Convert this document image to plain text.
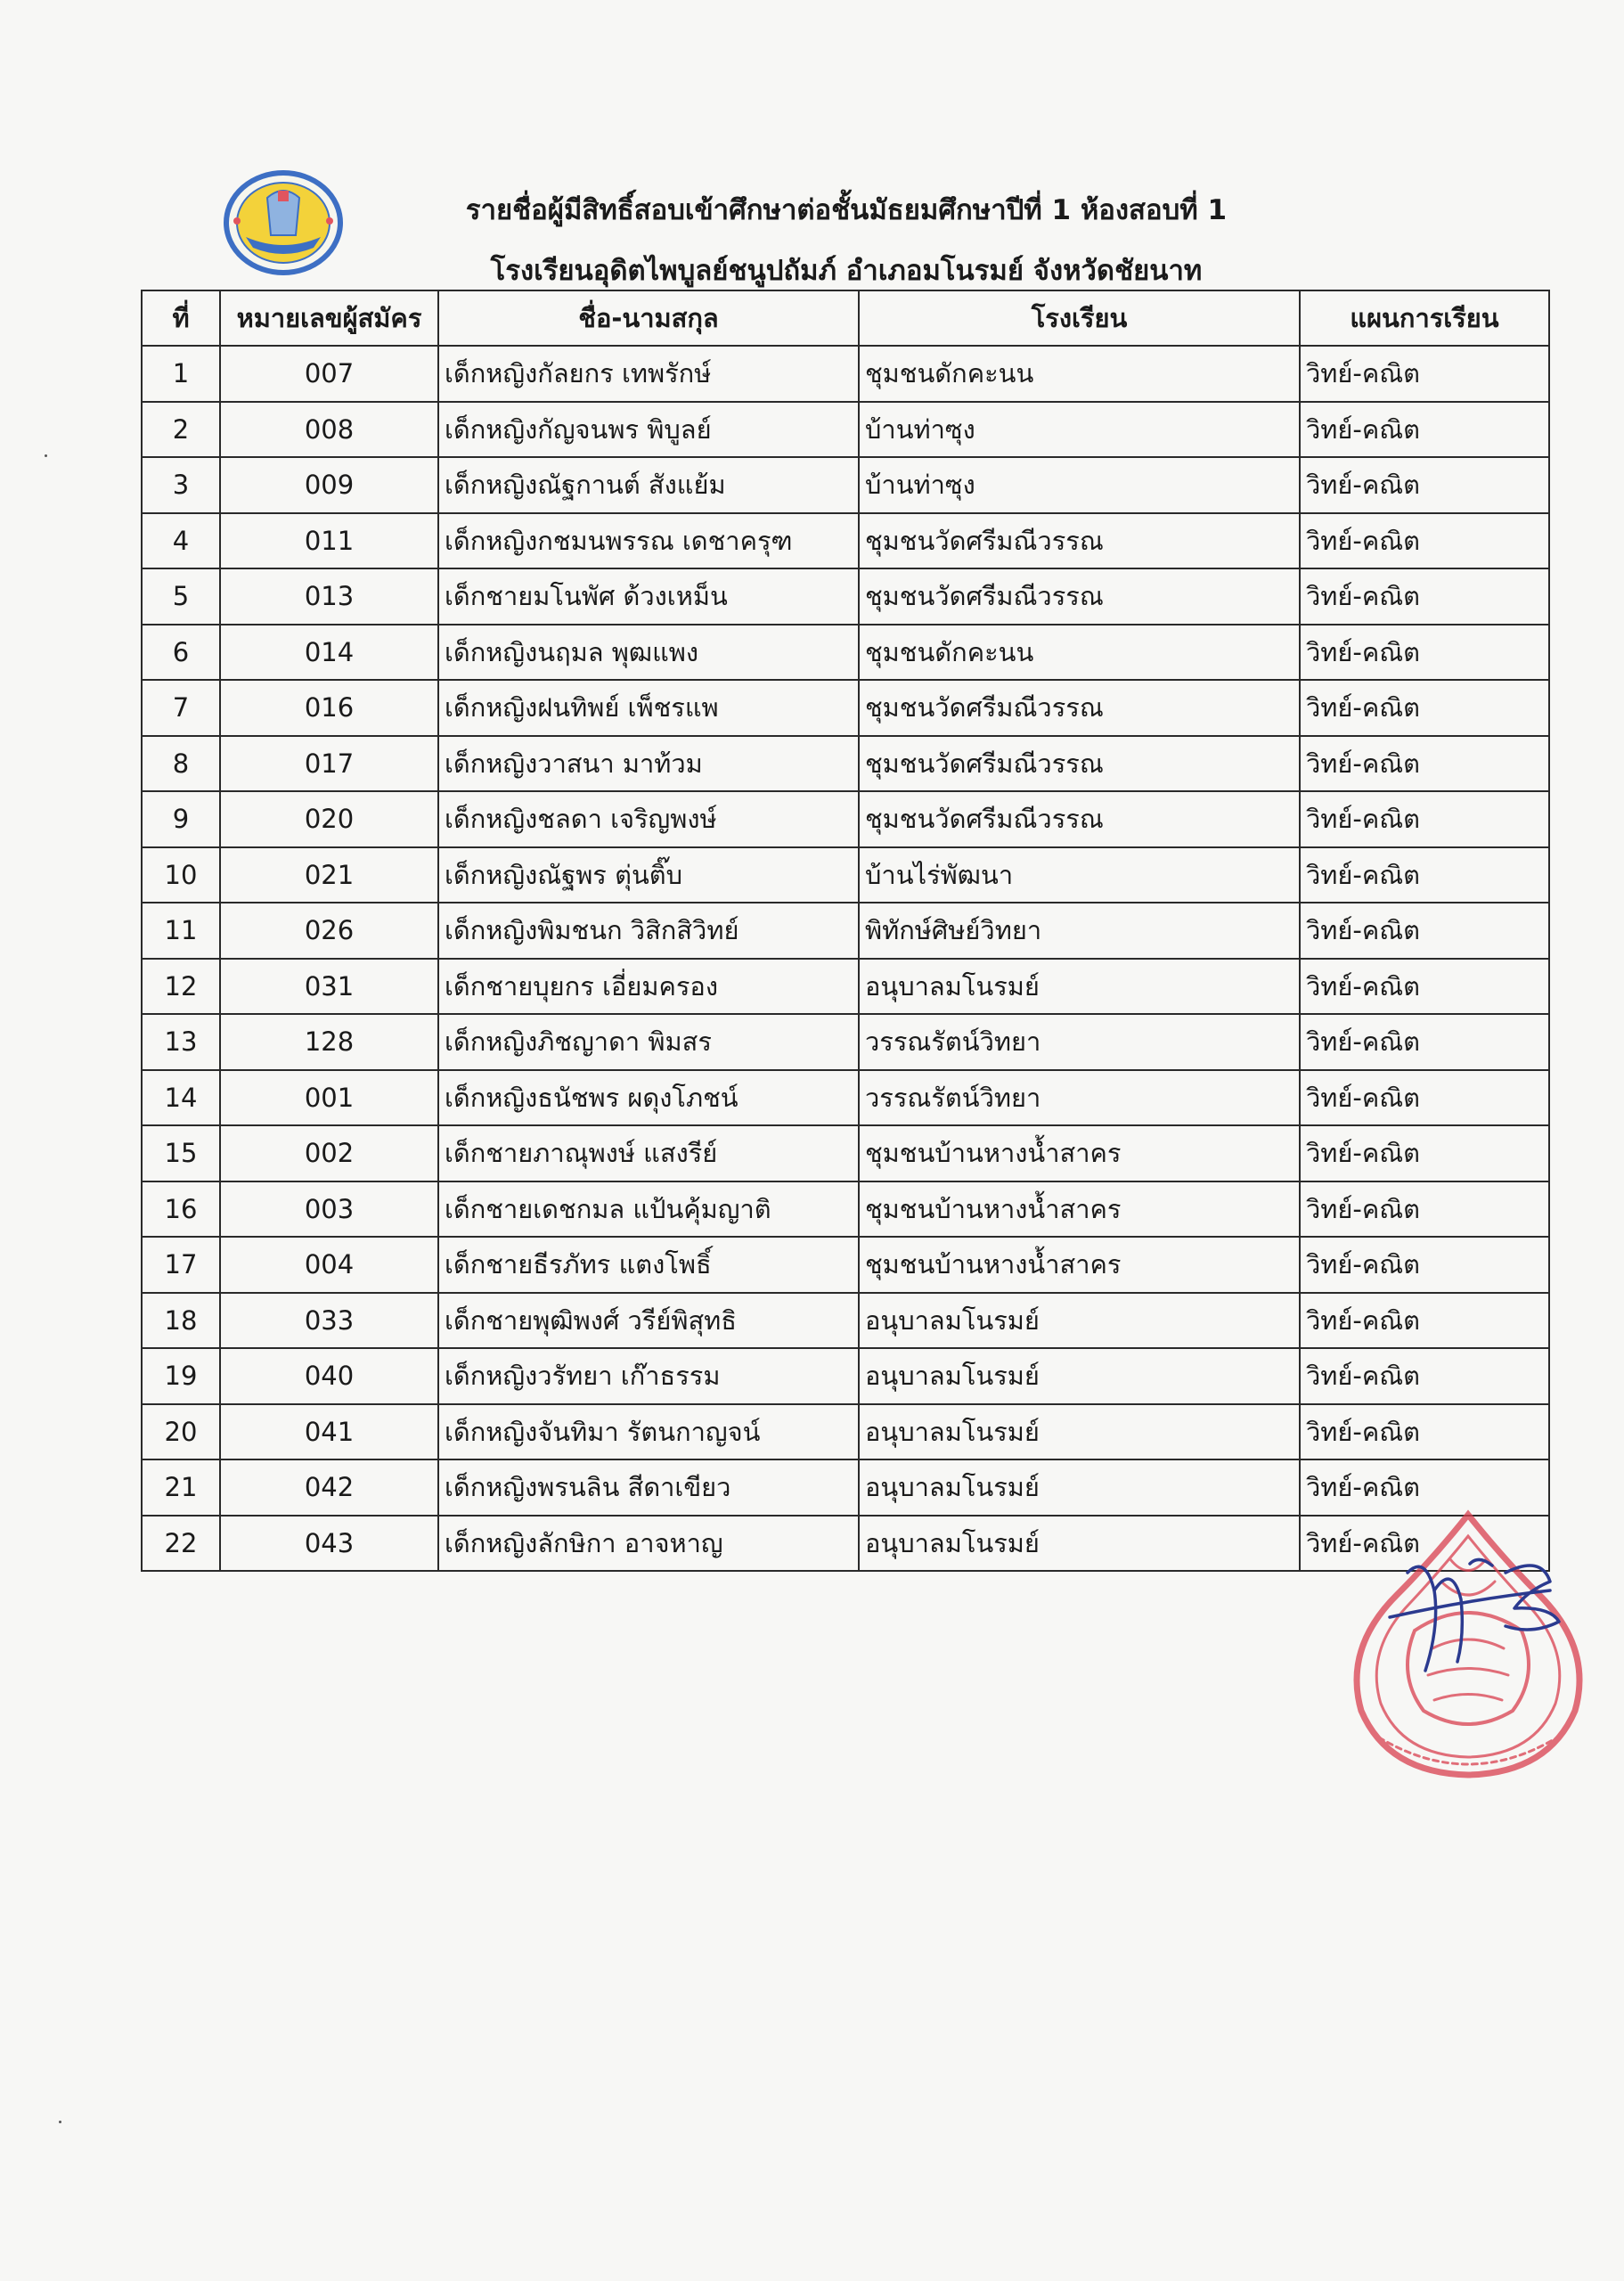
รายชื่อผู้มีสิทธิ์สอบเข้าศึกษาต่อชั้นมัธยมศึกษาปีที่ 1 ห้องสอบที่ 1
โรงเรียนอุดิตไพบูลย์ชนูปถัมภ์ อำเภอมโนรมย์ จังหวัดชัยนาท
ที่	หมายเลขผู้สมัคร	ชื่อ-นามสกุล	โรงเรียน	แผนการเรียน
1	007	เด็กหญิงกัลยกร เทพรักษ์	ชุมชนดักคะนน	วิทย์-คณิต
2	008	เด็กหญิงกัญจนพร พิบูลย์	บ้านท่าซุง	วิทย์-คณิต
3	009	เด็กหญิงณัฐกานต์ สังแย้ม	บ้านท่าซุง	วิทย์-คณิต
4	011	เด็กหญิงกชมนพรรณ เดชาครุฑ	ชุมชนวัดศรีมณีวรรณ	วิทย์-คณิต
5	013	เด็กชายมโนพัศ ด้วงเหม็น	ชุมชนวัดศรีมณีวรรณ	วิทย์-คณิต
6	014	เด็กหญิงนฤมล พุฒแพง	ชุมชนดักคะนน	วิทย์-คณิต
7	016	เด็กหญิงฝนทิพย์ เพ็ชรแพ	ชุมชนวัดศรีมณีวรรณ	วิทย์-คณิต
8	017	เด็กหญิงวาสนา มาท้วม	ชุมชนวัดศรีมณีวรรณ	วิทย์-คณิต
9	020	เด็กหญิงชลดา เจริญพงษ์	ชุมชนวัดศรีมณีวรรณ	วิทย์-คณิต
10	021	เด็กหญิงณัฐพร ตุ่นติ๊บ	บ้านไร่พัฒนา	วิทย์-คณิต
11	026	เด็กหญิงพิมชนก วิสิกสิวิทย์	พิทักษ์ศิษย์วิทยา	วิทย์-คณิต
12	031	เด็กชายบุยกร เอี่ยมครอง	อนุบาลมโนรมย์	วิทย์-คณิต
13	128	เด็กหญิงภิชญาดา พิมสร	วรรณรัตน์วิทยา	วิทย์-คณิต
14	001	เด็กหญิงธนัชพร ผดุงโภชน์	วรรณรัตน์วิทยา	วิทย์-คณิต
15	002	เด็กชายภาณุพงษ์ แสงรีย์	ชุมชนบ้านหางน้ำสาคร	วิทย์-คณิต
16	003	เด็กชายเดชกมล แป้นคุ้มญาติ	ชุมชนบ้านหางน้ำสาคร	วิทย์-คณิต
17	004	เด็กชายธีรภัทร แตงโพธิ์	ชุมชนบ้านหางน้ำสาคร	วิทย์-คณิต
18	033	เด็กชายพุฒิพงศ์ วรีย์พิสุทธิ	อนุบาลมโนรมย์	วิทย์-คณิต
19	040	เด็กหญิงวรัทยา เก๊าธรรม	อนุบาลมโนรมย์	วิทย์-คณิต
20	041	เด็กหญิงจันทิมา รัตนกาญจน์	อนุบาลมโนรมย์	วิทย์-คณิต
21	042	เด็กหญิงพรนลิน สีดาเขียว	อนุบาลมโนรมย์	วิทย์-คณิต
22	043	เด็กหญิงลักษิกา อาจหาญ	อนุบาลมโนรมย์	วิทย์-คณิต
